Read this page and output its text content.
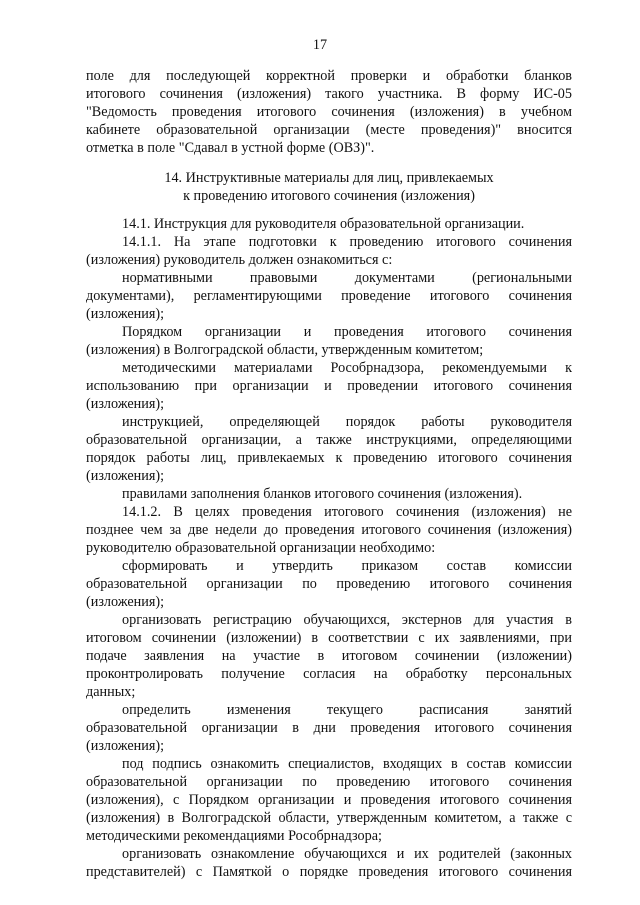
17
поле для последующей корректной проверки и обработки бланков
итогового сочинения (изложения) такого участника. В форму ИС-05
"Ведомость проведения итогового сочинения (изложения) в учебном
кабинете образовательной организации (месте проведения)" вносится
отметка в поле "Сдавал в устной форме (ОВЗ)".
14. Инструктивные материалы для лиц, привлекаемых
к проведению итогового сочинения (изложения)
14.1. Инструкция для руководителя образовательной организации.
14.1.1. На этапе подготовки к проведению итогового сочинения
(изложения) руководитель должен ознакомиться с:
нормативными правовыми документами (региональными
документами), регламентирующими проведение итогового сочинения
(изложения);
Порядком организации и проведения итогового сочинения
(изложения) в Волгоградской области, утвержденным комитетом;
методическими материалами Рособрнадзора, рекомендуемыми к
использованию при организации и проведении итогового сочинения
(изложения);
инструкцией, определяющей порядок работы руководителя
образовательной организации, а также инструкциями, определяющими
порядок работы лиц, привлекаемых к проведению итогового сочинения
(изложения);
правилами заполнения бланков итогового сочинения (изложения).
14.1.2. В целях проведения итогового сочинения (изложения) не
позднее чем за две недели до проведения итогового сочинения (изложения)
руководителю образовательной организации необходимо:
сформировать и утвердить приказом состав комиссии
образовательной организации по проведению итогового сочинения
(изложения);
организовать регистрацию обучающихся, экстернов для участия в
итоговом сочинении (изложении) в соответствии с их заявлениями, при
подаче заявления на участие в итоговом сочинении (изложении)
проконтролировать получение согласия на обработку персональных
данных;
определить изменения текущего расписания занятий
образовательной организации в дни проведения итогового сочинения
(изложения);
под подпись ознакомить специалистов, входящих в состав комиссии
образовательной организации по проведению итогового сочинения
(изложения), с Порядком организации и проведения итогового сочинения
(изложения) в Волгоградской области, утвержденным комитетом, а также с
методическими рекомендациями Рособрнадзора;
организовать ознакомление обучающихся и их родителей (законных
представителей) с Памяткой о порядке проведения итогового сочинения
